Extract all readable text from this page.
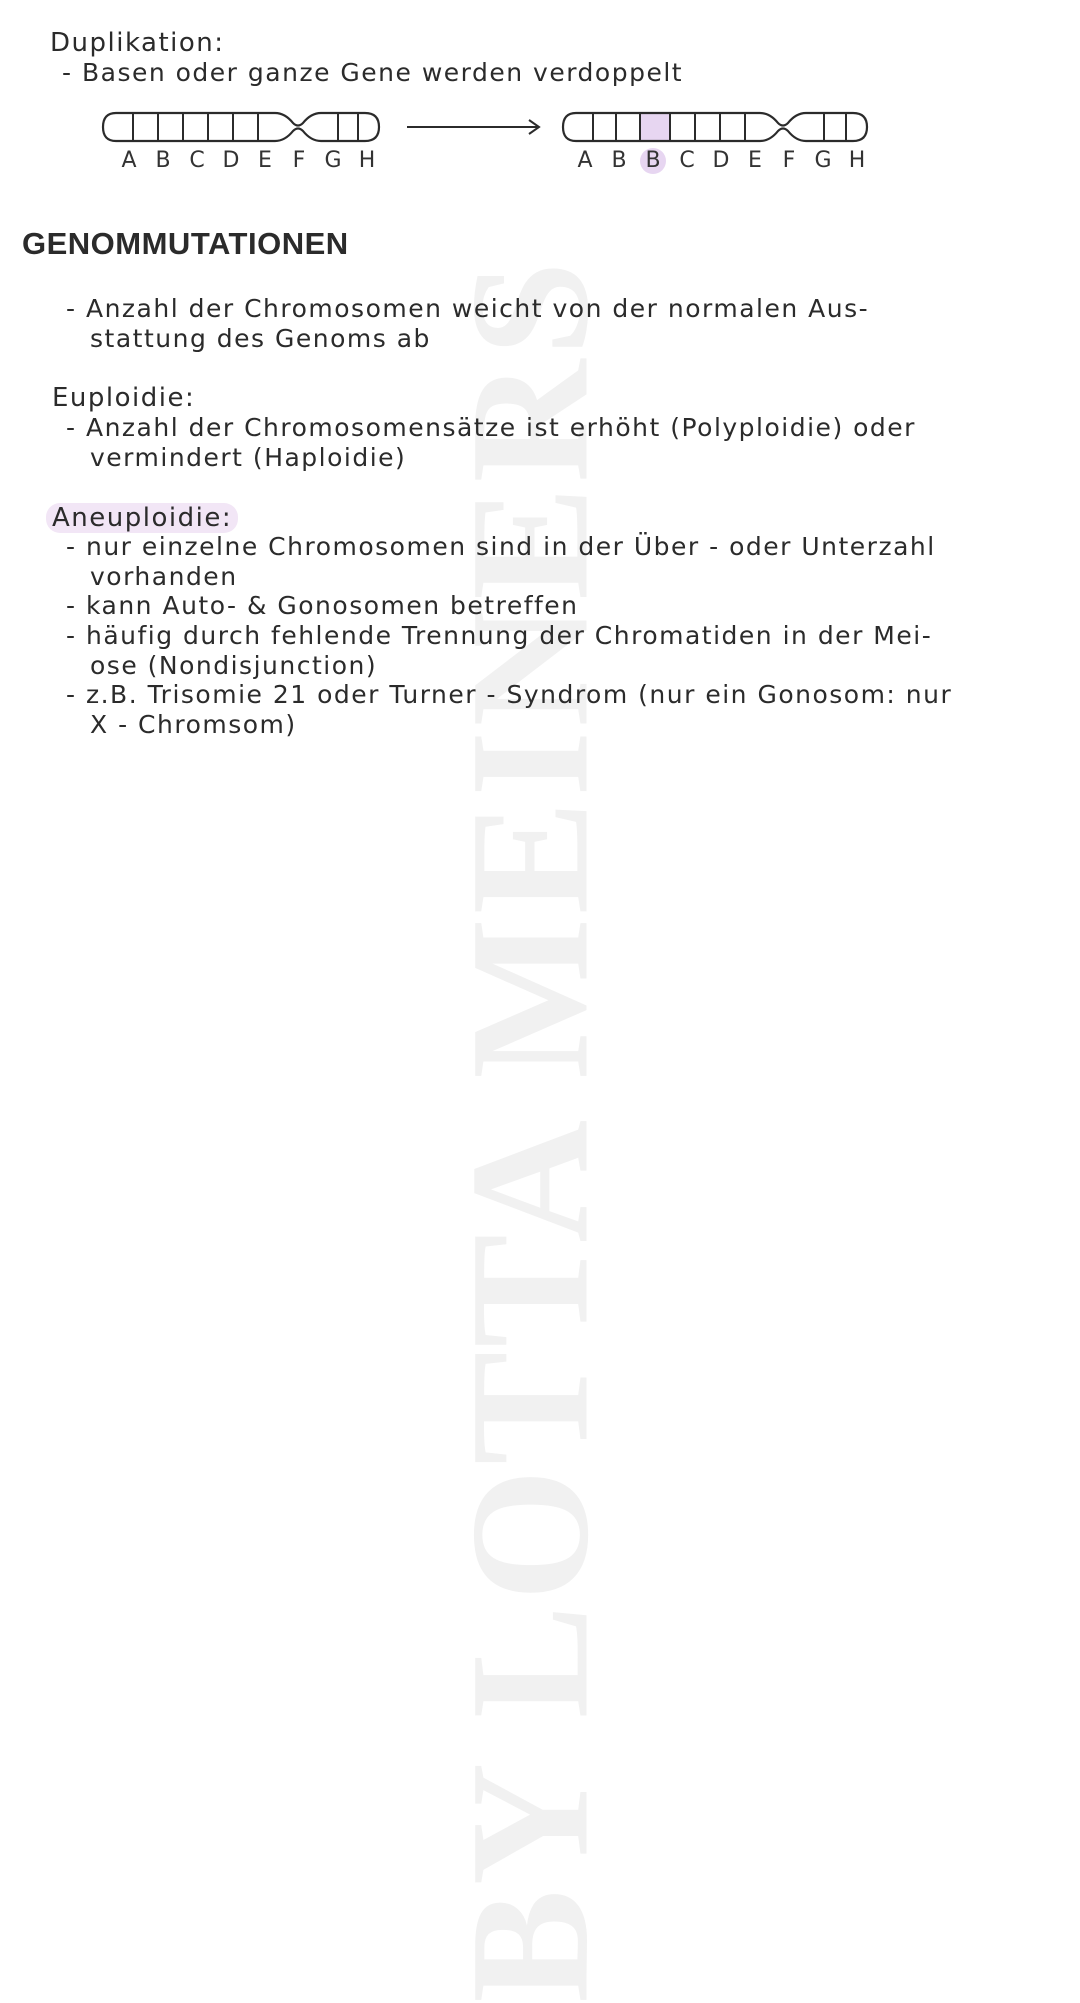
BY LOTTA MEINERS
Duplikation:
- Basen oder ganze Gene werden verdoppelt
A B C D E F G H	A B B C D E F G H
GENOMMUTATIONEN
- Anzahl der Chromosomen weicht von der normalen Aus-
stattung des Genoms ab
Euploidie:
- Anzahl der Chromosomensätze ist erhöht (Polyploidie) oder
vermindert (Haploidie)
Aneuploidie:
- nur einzelne Chromosomen sind in der Über - oder Unterzahl
vorhanden
- kann Auto- & Gonosomen betreffen
- häufig durch fehlende Trennung der Chromatiden in der Mei-
ose (Nondisjunction)
- z.B. Trisomie 21 oder Turner - Syndrom (nur ein Gonosom: nur
X - Chromsom)
